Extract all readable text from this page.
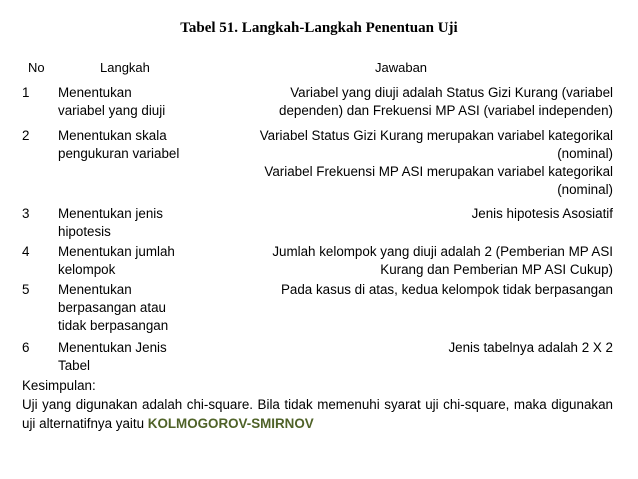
Tabel 51. Langkah-Langkah Penentuan Uji
No	Langkah	Jawaban
1 Menentukan
variabel yang diuji
Variabel yang diuji adalah Status Gizi Kurang (variabel
dependen) dan Frekuensi MP ASI (variabel independen)
2 Menentukan skala
pengukuran variabel
Variabel Status Gizi Kurang merupakan variabel kategorikal
(nominal)
Variabel Frekuensi MP ASI merupakan variabel kategorikal
(nominal)
3 Menentukan jenis
hipotesis
Jenis hipotesis Asosiatif
4 Menentukan jumlah
kelompok
Jumlah kelompok yang diuji adalah 2 (Pemberian MP ASI
Kurang dan Pemberian MP ASI Cukup)
5 Menentukan
berpasangan atau
tidak berpasangan
Pada kasus di atas, kedua kelompok tidak berpasangan
6 Menentukan Jenis
Tabel
Jenis tabelnya adalah 2 X 2
Kesimpulan:
Uji yang digunakan adalah chi-square. Bila tidak memenuhi syarat uji chi-square, maka digunakan uji alternatifnya yaitu KOLMOGOROV-SMIRNOV
